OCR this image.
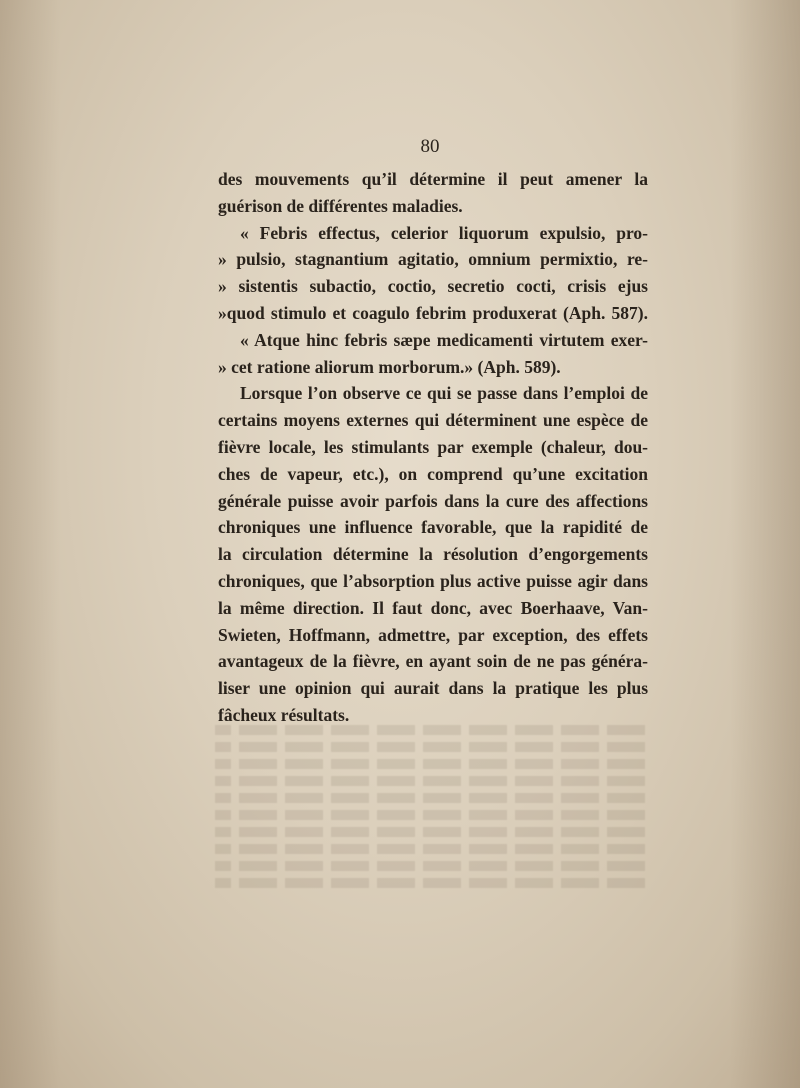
80
des mouvements qu’il détermine il peut amener la
guérison de différentes maladies.
« Febris effectus, celerior liquorum expulsio, pro-
» pulsio, stagnantium agitatio, omnium permixtio, re-
» sistentis subactio, coctio, secretio cocti, crisis ejus
»quod stimulo et coagulo febrim produxerat (Aph. 587).
« Atque hinc febris sæpe medicamenti virtutem exer-
» cet ratione aliorum morborum.» (Aph. 589).
Lorsque l’on observe ce qui se passe dans l’emploi de
certains moyens externes qui déterminent une espèce de
fièvre locale, les stimulants par exemple (chaleur, dou-
ches de vapeur, etc.), on comprend qu’une excitation
générale puisse avoir parfois dans la cure des affections
chroniques une influence favorable, que la rapidité de
la circulation détermine la résolution d’engorgements
chroniques, que l’absorption plus active puisse agir dans
la même direction. Il faut donc, avec Boerhaave, Van-
Swieten, Hoffmann, admettre, par exception, des effets
avantageux de la fièvre, en ayant soin de ne pas généra-
liser une opinion qui aurait dans la pratique les plus
fâcheux résultats.
